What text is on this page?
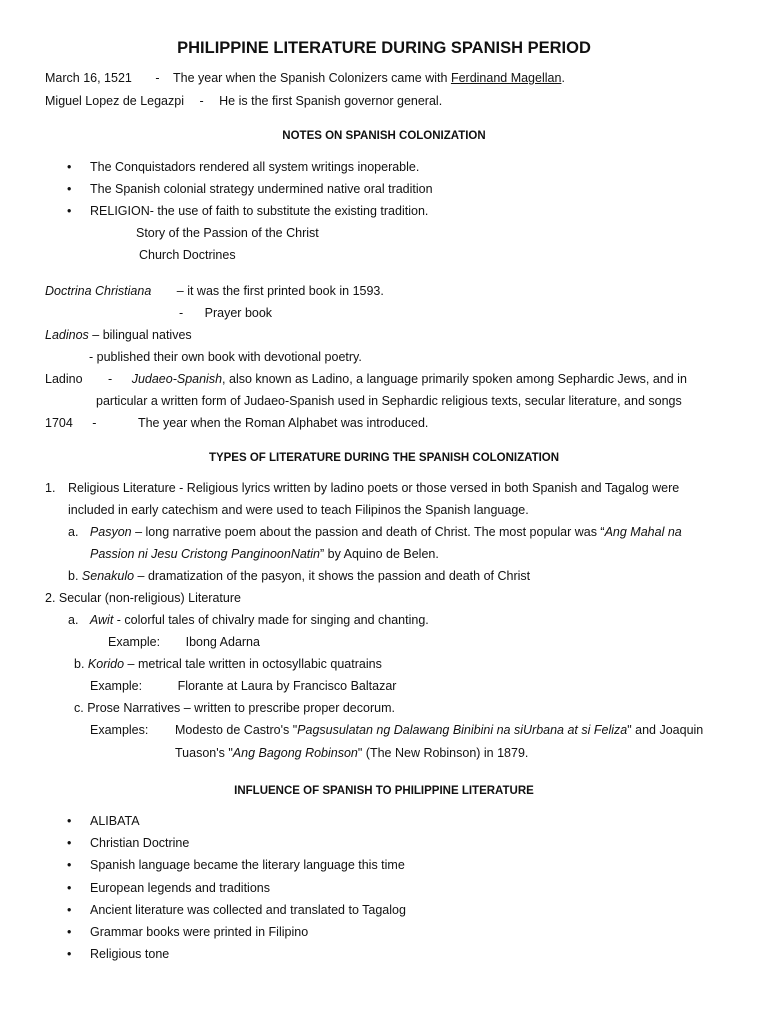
PHILIPPINE LITERATURE DURING SPANISH PERIOD
March 16, 1521 - The year when the Spanish Colonizers came with Ferdinand Magellan.
Miguel Lopez de Legazpi - He is the first Spanish governor general.
NOTES ON SPANISH COLONIZATION
• The Conquistadors rendered all system writings inoperable.
• The Spanish colonial strategy undermined native oral tradition
• RELIGION- the use of faith to substitute the existing tradition.
Story of the Passion of the Christ
Church Doctrines
Doctrina Christiana – it was the first printed book in 1593.
- Prayer book
Ladinos – bilingual natives
- published their own book with devotional poetry.
Ladino - Judaeo-Spanish, also known as Ladino, a language primarily spoken among Sephardic Jews, and in
particular a written form of Judaeo-Spanish used in Sephardic religious texts, secular literature, and songs
1704 -	The year when the Roman Alphabet was introduced.
TYPES OF LITERATURE DURING THE SPANISH COLONIZATION
1. Religious Literature - Religious lyrics written by ladino poets or those versed in both Spanish and Tagalog were
included in early catechism and were used to teach Filipinos the Spanish language.
a. Pasyon – long narrative poem about the passion and death of Christ. The most popular was “Ang Mahal na
Passion ni Jesu Cristong PanginoonNatin” by Aquino de Belen.
b. Senakulo – dramatization of the pasyon, it shows the passion and death of Christ
2. Secular (non-religious) Literature
a. Awit - colorful tales of chivalry made for singing and chanting.
Example: Ibong Adarna
b. Korido – metrical tale written in octosyllabic quatrains
Example:	Florante at Laura by Francisco Baltazar
c. Prose Narratives – written to prescribe proper decorum.
Examples: Modesto de Castro's "Pagsusulatan ng Dalawang Binibini na siUrbana at si Feliza" and Joaquin
Tuason's "Ang Bagong Robinson" (The New Robinson) in 1879.
INFLUENCE OF SPANISH TO PHILIPPINE LITERATURE
• ALIBATA
• Christian Doctrine
• Spanish language became the literary language this time
• European legends and traditions
• Ancient literature was collected and translated to Tagalog
• Grammar books were printed in Filipino
• Religious tone
